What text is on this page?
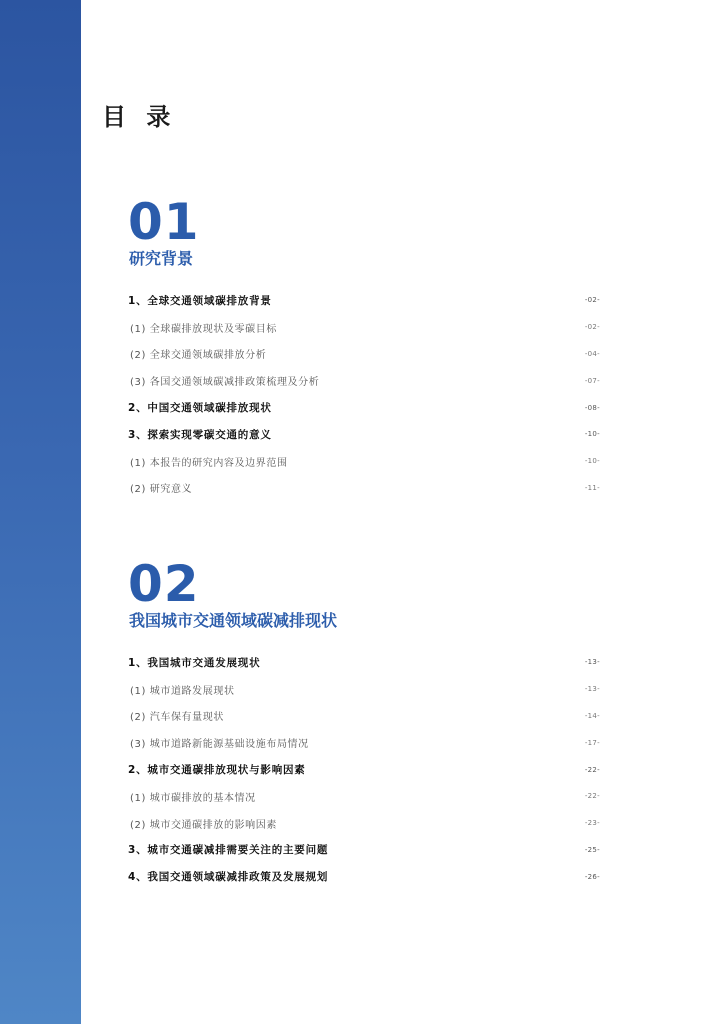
目 录
01
研究背景
1、全球交通领域碳排放背景	-02-
(1) 全球碳排放现状及零碳目标	-02-
(2) 全球交通领域碳排放分析	-04-
(3) 各国交通领域碳减排政策梳理及分析	-07-
2、中国交通领域碳排放现状	-08-
3、探索实现零碳交通的意义	-10-
(1) 本报告的研究内容及边界范围	-10-
(2) 研究意义	-11-
02
我国城市交通领域碳减排现状
1、我国城市交通发展现状	-13-
(1) 城市道路发展现状	-13-
(2) 汽车保有量现状	-14-
(3) 城市道路新能源基础设施布局情况	-17-
2、城市交通碳排放现状与影响因素	-22-
(1) 城市碳排放的基本情况	-22-
(2) 城市交通碳排放的影响因素	-23-
3、城市交通碳减排需要关注的主要问题	-25-
4、我国交通领域碳减排政策及发展规划	-26-
